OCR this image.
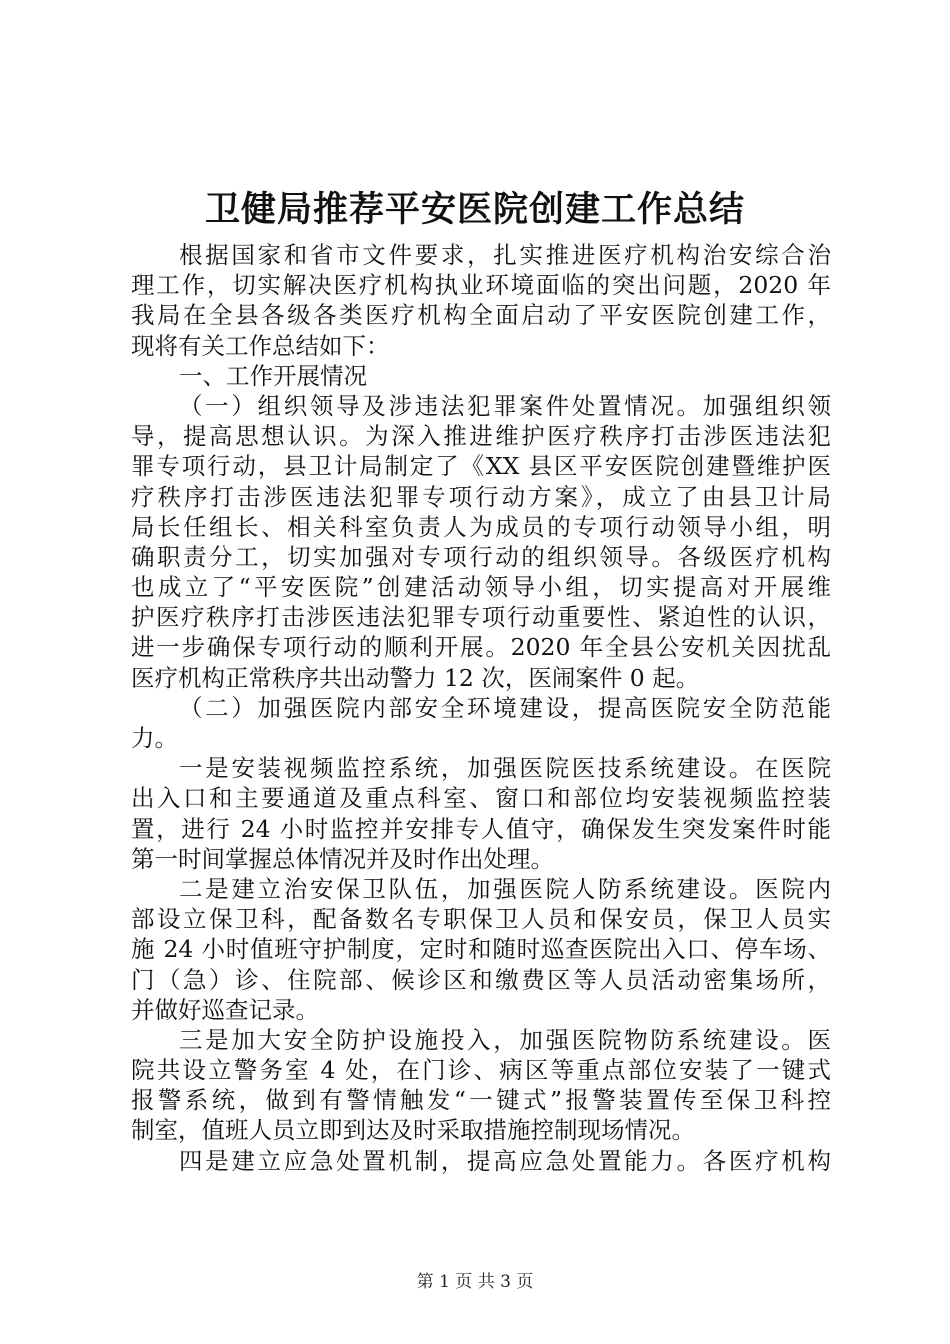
卫健局推荐平安医院创建工作总结
根据国家和省市文件要求，扎实推进医疗机构治安综合治
理工作，切实解决医疗机构执业环境面临的突出问题，2020 年
我局在全县各级各类医疗机构全面启动了平安医院创建工作，
现将有关工作总结如下：
一、工作开展情况
（一）组织领导及涉违法犯罪案件处置情况。加强组织领
导，提高思想认识。为深入推进维护医疗秩序打击涉医违法犯
罪专项行动，县卫计局制定了《XX 县区平安医院创建暨维护医
疗秩序打击涉医违法犯罪专项行动方案》，成立了由县卫计局
局长任组长、相关科室负责人为成员的专项行动领导小组，明
确职责分工，切实加强对专项行动的组织领导。各级医疗机构
也成立了“平安医院”创建活动领导小组，切实提高对开展维
护医疗秩序打击涉医违法犯罪专项行动重要性、紧迫性的认识，
进一步确保专项行动的顺利开展。2020 年全县公安机关因扰乱
医疗机构正常秩序共出动警力 12 次，医闹案件 0 起。
（二）加强医院内部安全环境建设，提高医院安全防范能
力。
一是安装视频监控系统，加强医院医技系统建设。在医院
出入口和主要通道及重点科室、窗口和部位均安装视频监控装
置，进行 24 小时监控并安排专人值守，确保发生突发案件时能
第一时间掌握总体情况并及时作出处理。
二是建立治安保卫队伍，加强医院人防系统建设。医院内
部设立保卫科，配备数名专职保卫人员和保安员，保卫人员实
施 24 小时值班守护制度，定时和随时巡查医院出入口、停车场、
门（急）诊、住院部、候诊区和缴费区等人员活动密集场所，
并做好巡查记录。
三是加大安全防护设施投入，加强医院物防系统建设。医
院共设立警务室 4 处，在门诊、病区等重点部位安装了一键式
报警系统，做到有警情触发“一键式”报警装置传至保卫科控
制室，值班人员立即到达及时采取措施控制现场情况。
四是建立应急处置机制，提高应急处置能力。各医疗机构
第 1 页 共 3 页
